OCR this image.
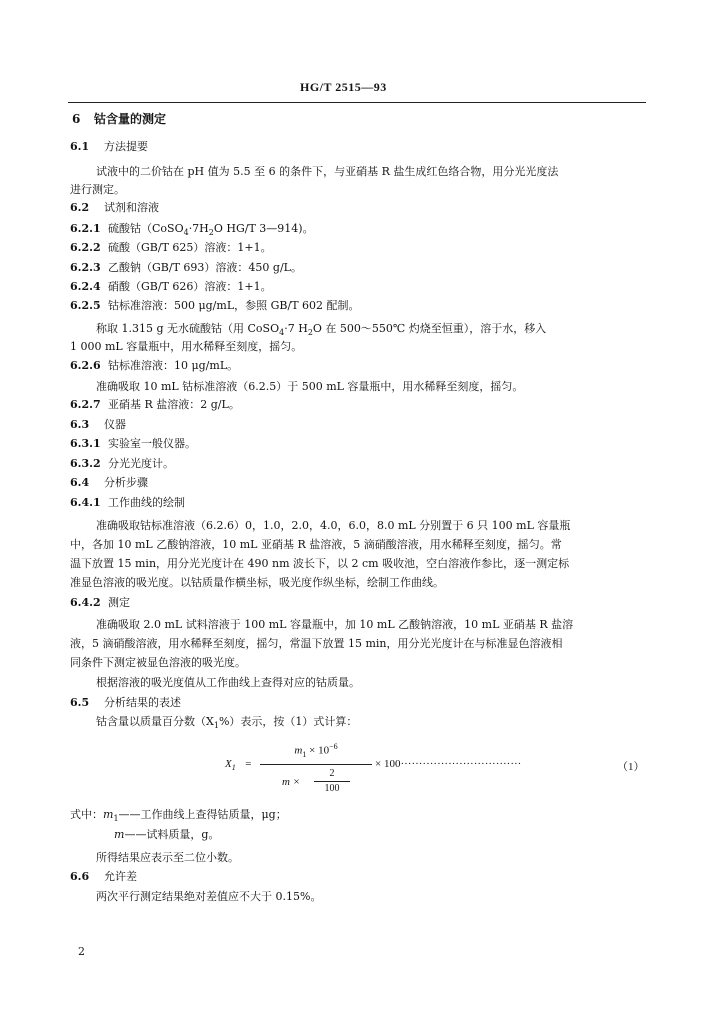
HG/T 2515—93
6 钴含量的测定
6.1 方法提要
试液中的二价钴在 pH 值为 5.5 至 6 的条件下，与亚硝基 R 盐生成红色络合物，用分光光度法
进行测定。
6.2 试剂和溶液
6.2.1 硫酸钴（$CoSO_4\cdot 7H_2O$ HG/T 3—914)。
6.2.2 硫酸（GB/T 625）溶液：1+1。
6.2.3 乙酸钠（GB/T 693）溶液：450 g/L。
6.2.4 硝酸（GB/T 626）溶液：1+1。
6.2.5 钴标准溶液：500 μg/mL，参照 GB/T 602 配制。
称取 1.315 g 无水硫酸钴（用 CoSO$_4$·7 $H_2O$ 在 500～550℃ 灼烧至恒重），溶于水，移入
1 000 mL 容量瓶中，用水稀释至刻度，摇匀。
6.2.6 钴标准溶液：10 μg/mL。
准确吸取 10 mL 钴标准溶液（6.2.5）于 500 mL 容量瓶中，用水稀释至刻度，摇匀。
6.2.7 亚硝基 R 盐溶液：2 g/L。
6.3 仪器
6.3.1 实验室一般仪器。
6.3.2 分光光度计。
6.4 分析步骤
6.4.1 工作曲线的绘制
准确吸取钴标准溶液（6.2.6）0，1.0，2.0，4.0，6.0，8.0 mL 分别置于 6 只 100 mL 容量瓶
中，各加 10 mL 乙酸钠溶液，10 mL 亚硝基 R 盐溶液，5 滴硝酸溶液，用水稀释至刻度，摇匀。常
温下放置 15 min，用分光光度计在 490 nm 波长下，以 2 cm 吸收池，空白溶液作参比，逐一测定标
准显色溶液的吸光度。以钴质量作横坐标，吸光度作纵坐标，绘制工作曲线。
6.4.2 测定
准确吸取 2.0 mL 试料溶液于 100 mL 容量瓶中，加 10 mL 乙酸钠溶液，10 mL 亚硝基 R 盐溶
液，5 滴硝酸溶液，用水稀释至刻度，摇匀，常温下放置 15 min，用分光光度计在与标准显色溶液相
同条件下测定被显色溶液的吸光度。
根据溶液的吸光度值从工作曲线上查得对应的钴质量。
6.5 分析结果的表述
钴含量以质量百分数$(X_1\%)$表示，按（1）式计算：
$X_1$ =
$m_1 \times 10^{-6}$
m ×
2
100
× 100·································	（1）
式中：$m_1——$工作曲线上查得钴质量，μg；
m——试料质量，g。
所得结果应表示至二位小数。
6.6 允许差
两次平行测定结果绝对差值应不大于 0.15%。
2
